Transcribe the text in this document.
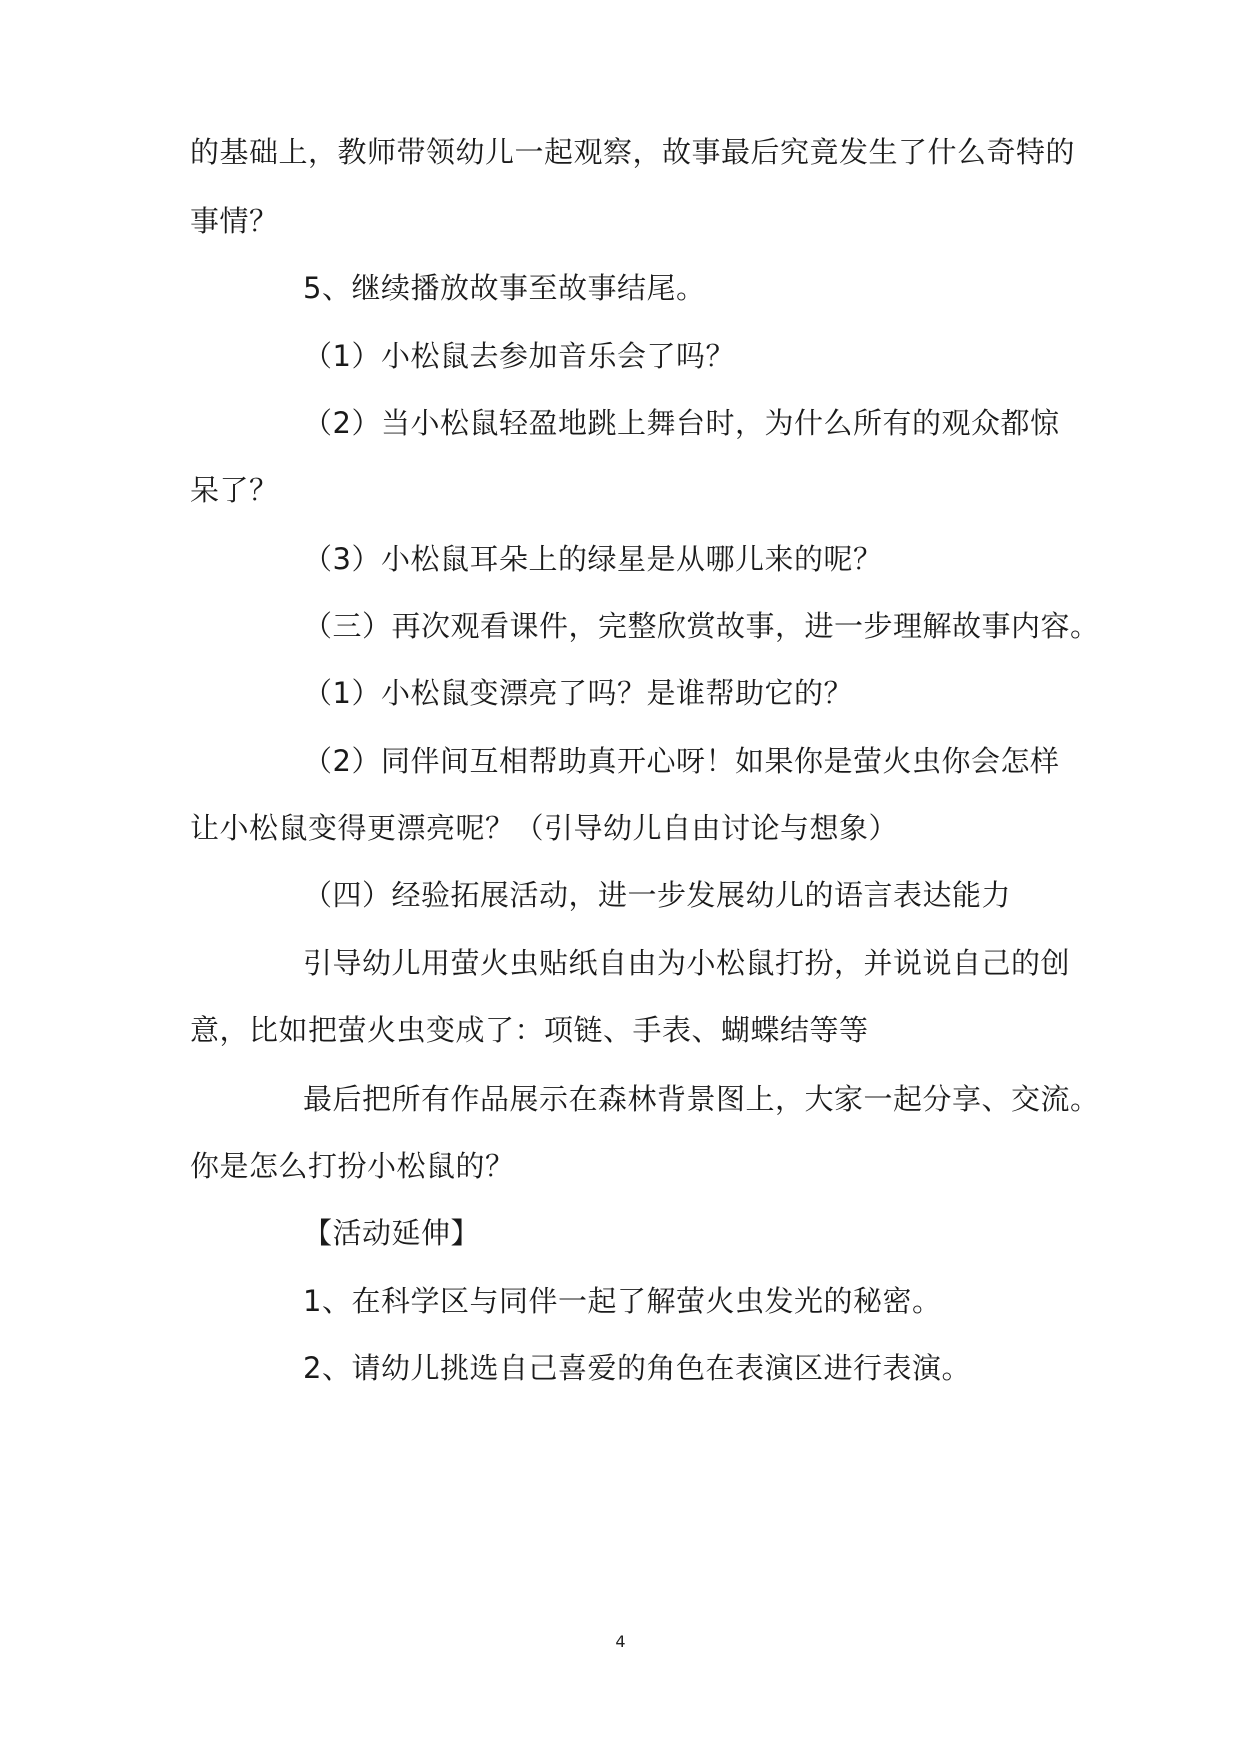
的基础上，教师带领幼儿一起观察，故事最后究竟发生了什么奇特的
事情？
5、继续播放故事至故事结尾。
（1）小松鼠去参加音乐会了吗？
（2）当小松鼠轻盈地跳上舞台时，为什么所有的观众都惊
呆了？
（3）小松鼠耳朵上的绿星是从哪儿来的呢？
（三）再次观看课件，完整欣赏故事，进一步理解故事内容。
（1）小松鼠变漂亮了吗？是谁帮助它的？
（2）同伴间互相帮助真开心呀！如果你是萤火虫你会怎样
让小松鼠变得更漂亮呢？（引导幼儿自由讨论与想象）
（四）经验拓展活动，进一步发展幼儿的语言表达能力
引导幼儿用萤火虫贴纸自由为小松鼠打扮，并说说自己的创
意，比如把萤火虫变成了：项链、手表、蝴蝶结等等
最后把所有作品展示在森林背景图上，大家一起分享、交流。
你是怎么打扮小松鼠的？
【活动延伸】
1、在科学区与同伴一起了解萤火虫发光的秘密。
2、请幼儿挑选自己喜爱的角色在表演区进行表演。
4
